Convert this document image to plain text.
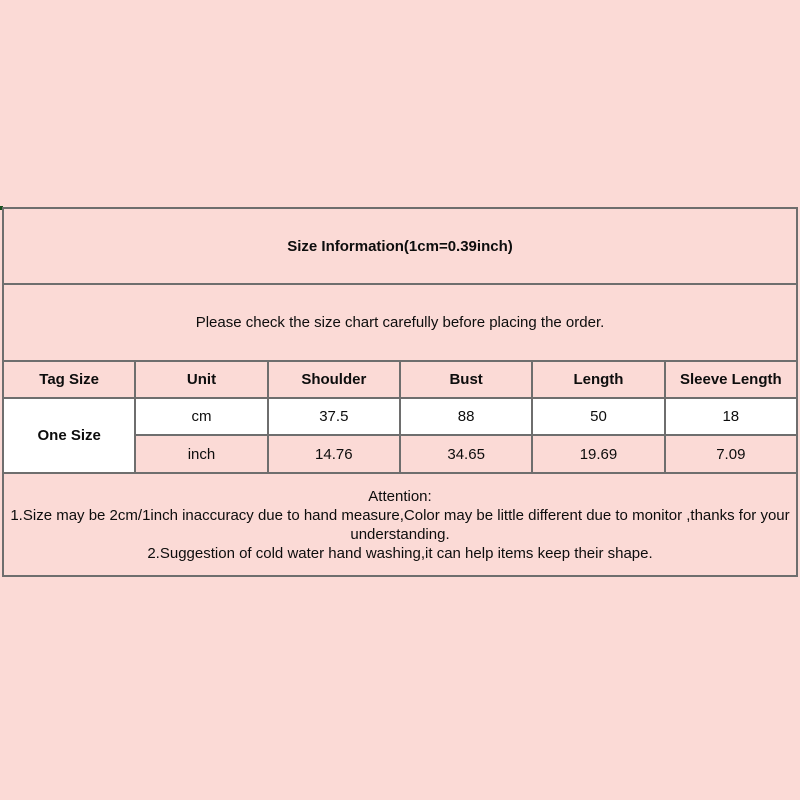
Size Information(1cm=0.39inch)					
Please check the size chart carefully before placing the order.					
Tag Size	Unit	Shoulder	Bust	Length	Sleeve Length
One Size	cm	37.5	88	50	18
	inch	14.76	34.65	19.69	7.09

Attention:
1.Size may be 2cm/1inch inaccuracy due to hand measure,Color may be little different due to monitor ,thanks for your
understanding.
2.Suggestion of cold water hand washing,it can help items keep their shape.					
